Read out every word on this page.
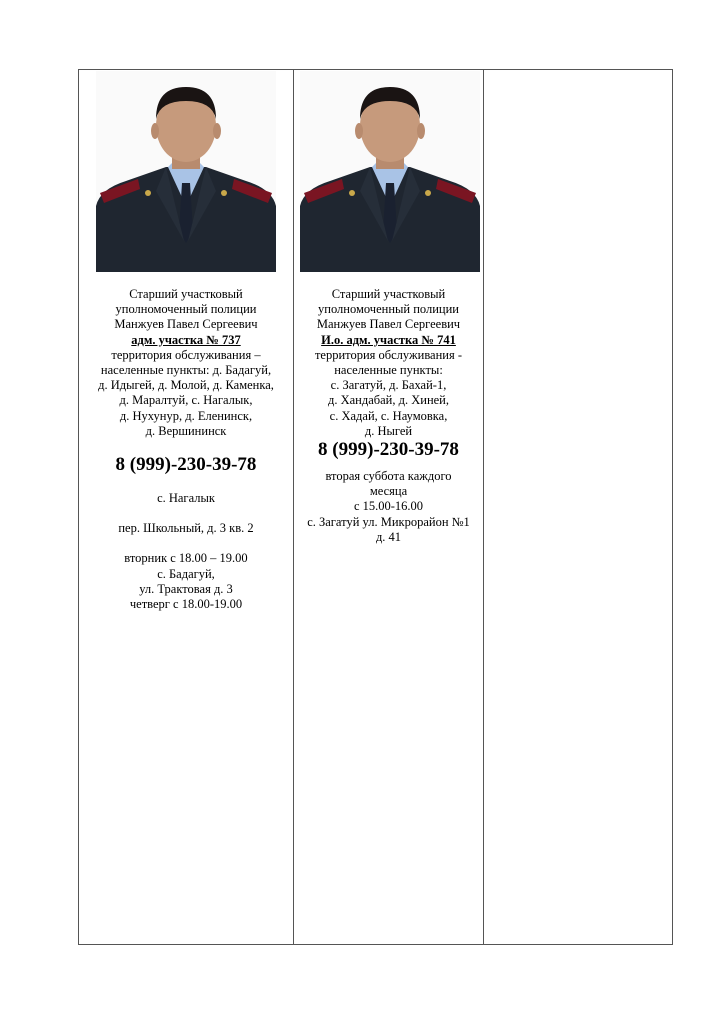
Старший участковый
уполномоченный полиции
Манжуев Павел Сергеевич
адм. участка № 737
территория обслуживания –
населенные пункты: д. Бадагуй,
д. Идыгей, д. Молой, д. Каменка,
д. Маралтуй, с. Нагалык,
д. Нухунур, д. Еленинск,
д. Вершининск
8 (999)-230-39-78
с. Нагалык
пер. Школьный, д. 3 кв. 2
вторник с 18.00 – 19.00
с. Бадагуй,
ул. Трактовая д. 3
четверг с 18.00-19.00
Старший участковый
уполномоченный полиции
Манжуев Павел Сергеевич
И.о. адм. участка № 741
территория обслуживания -
населенные пункты:
с. Загатуй, д. Бахай-1,
д. Хандабай, д. Хиней,
с. Хадай, с. Наумовка,
д. Ныгей
8 (999)-230-39-78
вторая суббота каждого
месяца
с 15.00-16.00
с. Загатуй ул. Микрорайон №1
д. 41
